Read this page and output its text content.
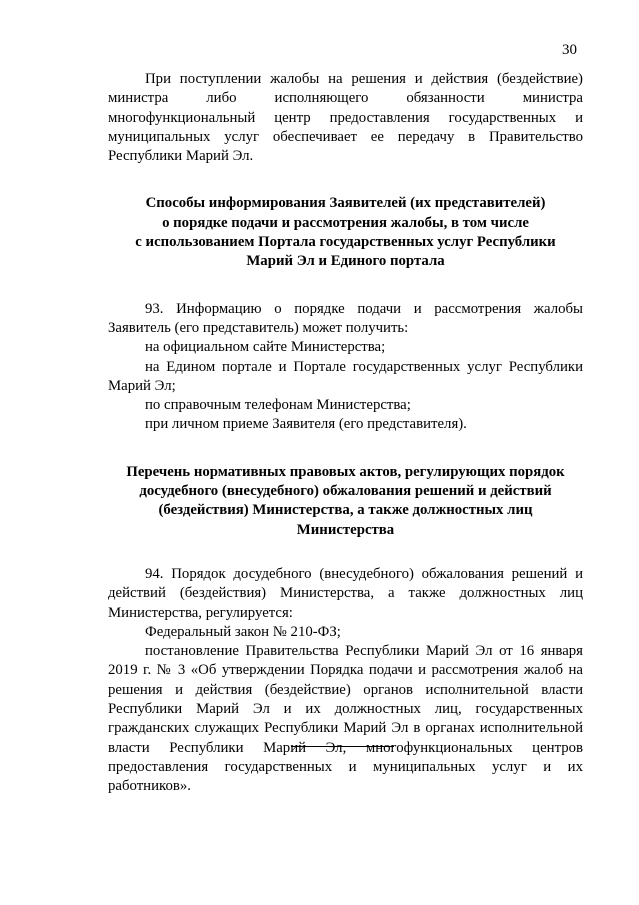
30

При поступлении жалобы на решения и действия (бездействие) министра либо исполняющего обязанности министра многофункциональный центр предоставления государственных и муниципальных услуг обеспечивает ее передачу в Правительство Республики Марий Эл.

Способы информирования Заявителей (их представителей)
о порядке подачи и рассмотрения жалобы, в том числе
с использованием Портала государственных услуг Республики
Марий Эл и Единого портала

93. Информацию о порядке подачи и рассмотрения жалобы Заявитель (его представитель) может получить:

на официальном сайте Министерства;

на Едином портале и Портале государственных услуг Республики Марий Эл;

по справочным телефонам Министерства;

при личном приеме Заявителя (его представителя).

Перечень нормативных правовых актов, регулирующих порядок
досудебного (внесудебного) обжалования решений и действий
(бездействия) Министерства, а также должностных лиц
Министерства

94. Порядок досудебного (внесудебного) обжалования решений и действий (бездействия) Министерства, а также должностных лиц Министерства, регулируется:

Федеральный закон № 210-ФЗ;

постановление Правительства Республики Марий Эл от 16 января 2019 г. № 3 «Об утверждении Порядка подачи и рассмотрения жалоб на решения и действия (бездействие) органов исполнительной власти Республики Марий Эл и их должностных лиц, государственных гражданских служащих Республики Марий Эл в органах исполнительной власти Республики Марий Эл, многофункциональных центров предоставления государственных и муниципальных услуг и их работников».
